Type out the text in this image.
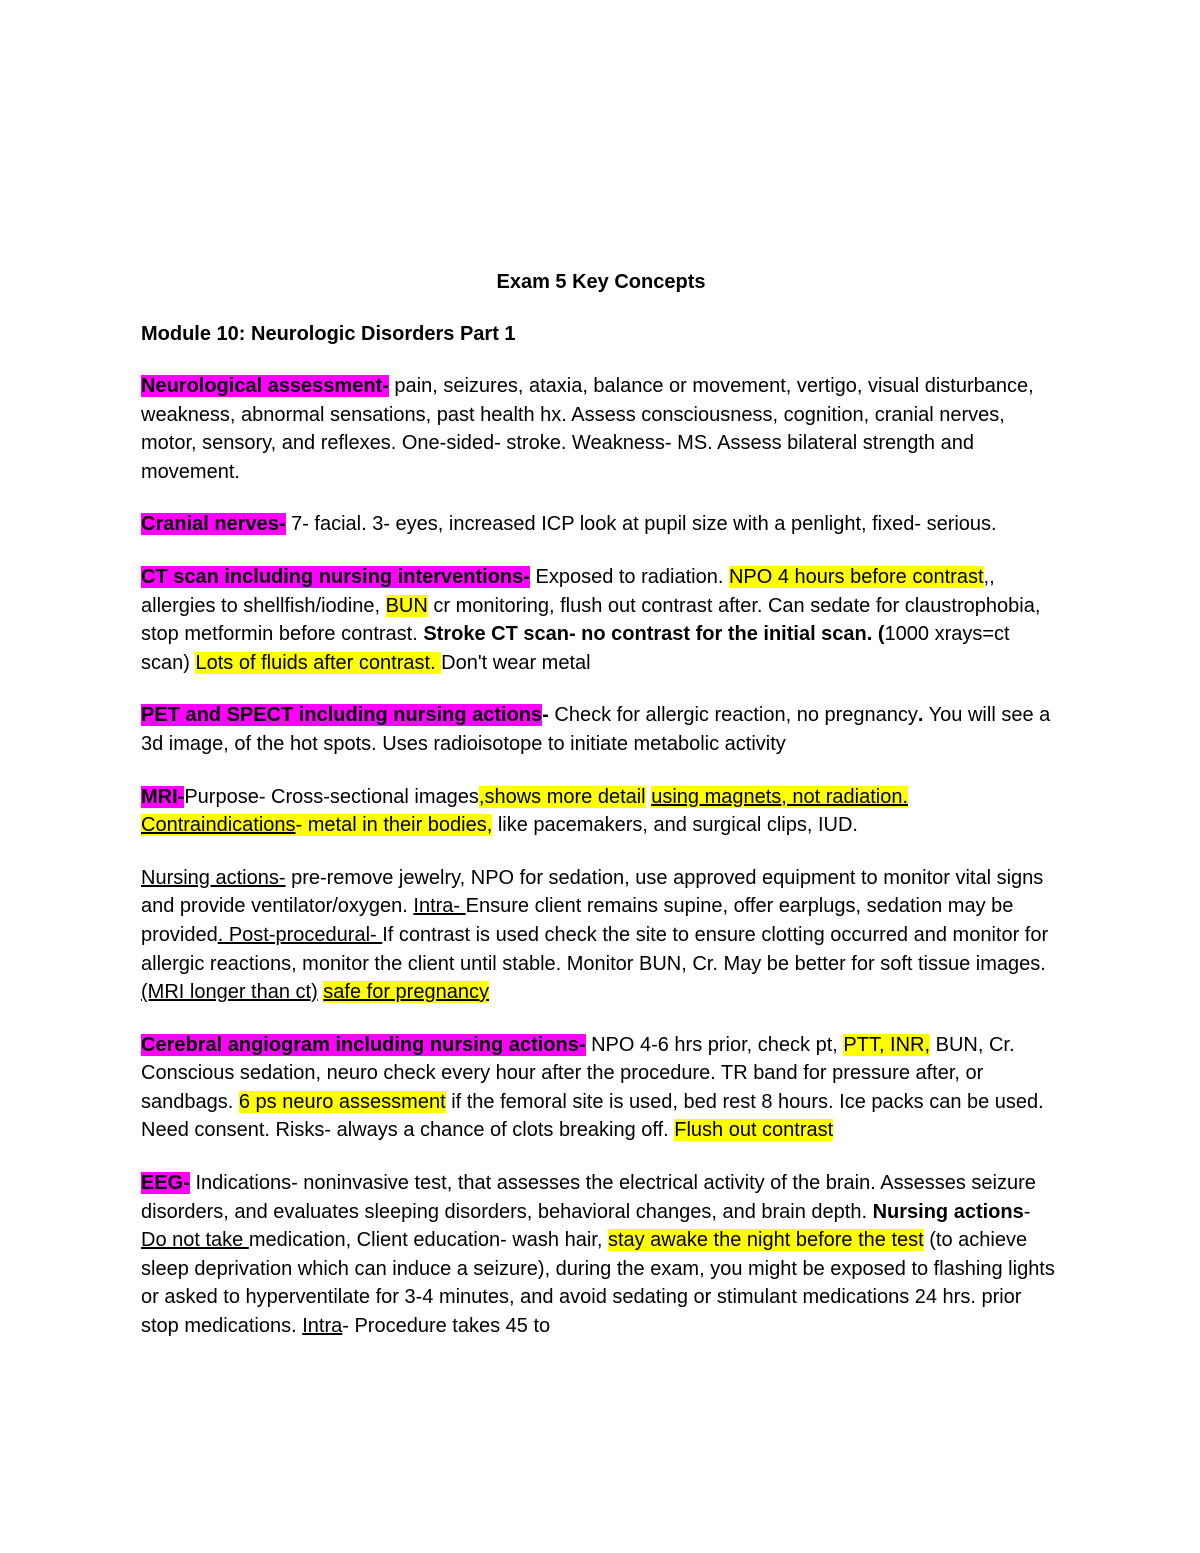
Exam 5 Key Concepts
Module 10: Neurologic Disorders Part 1
Neurological assessment- pain, seizures, ataxia, balance or movement, vertigo, visual disturbance, weakness, abnormal sensations, past health hx. Assess consciousness, cognition, cranial nerves, motor, sensory, and reflexes. One-sided- stroke. Weakness- MS. Assess bilateral strength and movement.
Cranial nerves- 7- facial. 3- eyes, increased ICP look at pupil size with a penlight, fixed- serious.
CT scan including nursing interventions- Exposed to radiation. NPO 4 hours before contrast,, allergies to shellfish/iodine, BUN cr monitoring, flush out contrast after. Can sedate for claustrophobia, stop metformin before contrast. Stroke CT scan- no contrast for the initial scan. (1000 xrays=ct scan) Lots of fluids after contrast. Don't wear metal
PET and SPECT including nursing actions- Check for allergic reaction, no pregnancy. You will see a 3d image, of the hot spots. Uses radioisotope to initiate metabolic activity
MRI-Purpose- Cross-sectional images,shows more detail using magnets, not radiation. Contraindications- metal in their bodies, like pacemakers, and surgical clips, IUD.
Nursing actions- pre-remove jewelry, NPO for sedation, use approved equipment to monitor vital signs and provide ventilator/oxygen. Intra- Ensure client remains supine, offer earplugs, sedation may be provided. Post-procedural- If contrast is used check the site to ensure clotting occurred and monitor for allergic reactions, monitor the client until stable. Monitor BUN, Cr. May be better for soft tissue images. (MRI longer than ct) safe for pregnancy
Cerebral angiogram including nursing actions- NPO 4-6 hrs prior, check pt, PTT, INR, BUN, Cr. Conscious sedation, neuro check every hour after the procedure. TR band for pressure after, or sandbags. 6 ps neuro assessment if the femoral site is used, bed rest 8 hours. Ice packs can be used. Need consent. Risks- always a chance of clots breaking off. Flush out contrast
EEG- Indications- noninvasive test, that assesses the electrical activity of the brain. Assesses seizure disorders, and evaluates sleeping disorders, behavioral changes, and brain depth. Nursing actions- Do not take medication, Client education- wash hair, stay awake the night before the test (to achieve sleep deprivation which can induce a seizure), during the exam, you might be exposed to flashing lights or asked to hyperventilate for 3-4 minutes, and avoid sedating or stimulant medications 24 hrs. prior stop medications. Intra- Procedure takes 45 to
